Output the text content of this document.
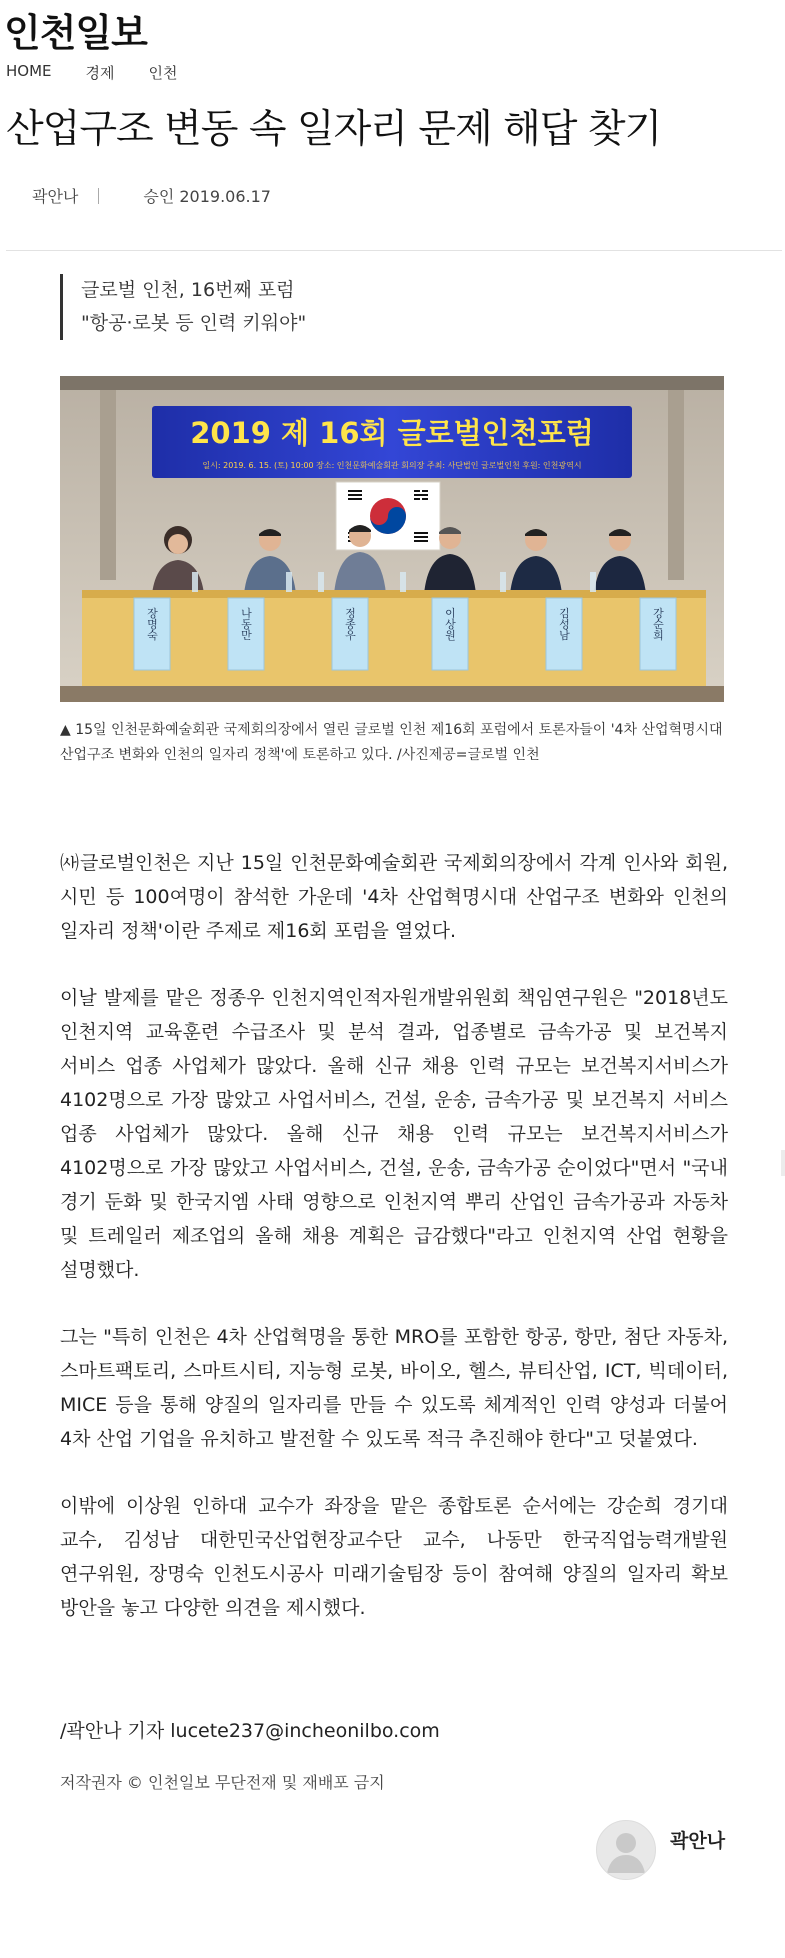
인천일보
HOME 경제 인천
산업구조 변동 속 일자리 문제 해답 찾기
곽안나	승인 2019.06.17
글로벌 인천, 16번째 포럼
"항공·로봇 등 인력 키워야"
2019 제 16회 글로벌인천포럼
일시: 2019. 6. 15. (토) 10:00 장소: 인천문화예술회관 회의장 주최: 사단법인 글로벌인천 후원: 인천광역시
장명숙	나동만	정종우	이상원	김성남	강순희
▲ 15일 인천문화예술회관 국제회의장에서 열린 글로벌 인천 제16회 포럼에서 토론자들이 '4차 산업혁명시대 산업구조 변화와 인천의 일자리 정책'에 토론하고 있다. /사진제공=글로벌 인천

㈔글로벌인천은 지난 15일 인천문화예술회관 국제회의장에서 각계 인사와 회원, 시민 등 100여명이 참석한 가운데 '4차 산업혁명시대 산업구조 변화와 인천의 일자리 정책'이란 주제로 제16회 포럼을 열었다.

이날 발제를 맡은 정종우 인천지역인적자원개발위원회 책임연구원은 "2018년도 인천지역 교육훈련 수급조사 및 분석 결과, 업종별로 금속가공 및 보건복지 서비스 업종 사업체가 많았다. 올해 신규 채용 인력 규모는 보건복지서비스가 4102명으로 가장 많았고 사업서비스, 건설, 운송, 금속가공 및 보건복지 서비스 업종 사업체가 많았다. 올해 신규 채용 인력 규모는 보건복지서비스가 4102명으로 가장 많았고 사업서비스, 건설, 운송, 금속가공 순이었다"면서 "국내 경기 둔화 및 한국지엠 사태 영향으로 인천지역 뿌리 산업인 금속가공과 자동차 및 트레일러 제조업의 올해 채용 계획은 급감했다"라고 인천지역 산업 현황을 설명했다.

그는 "특히 인천은 4차 산업혁명을 통한 MRO를 포함한 항공, 항만, 첨단 자동차, 스마트팩토리, 스마트시티, 지능형 로봇, 바이오, 헬스, 뷰티산업, ICT, 빅데이터, MICE 등을 통해 양질의 일자리를 만들 수 있도록 체계적인 인력 양성과 더불어 4차 산업 기업을 유치하고 발전할 수 있도록 적극 추진해야 한다"고 덧붙였다.

이밖에 이상원 인하대 교수가 좌장을 맡은 종합토론 순서에는 강순희 경기대 교수, 김성남 대한민국산업현장교수단 교수, 나동만 한국직업능력개발원 연구위원, 장명숙 인천도시공사 미래기술팀장 등이 참여해 양질의 일자리 확보 방안을 놓고 다양한 의견을 제시했다.

/곽안나 기자 lucete237@incheonilbo.com
저작권자 © 인천일보 무단전재 및 재배포 금지
곽안나
